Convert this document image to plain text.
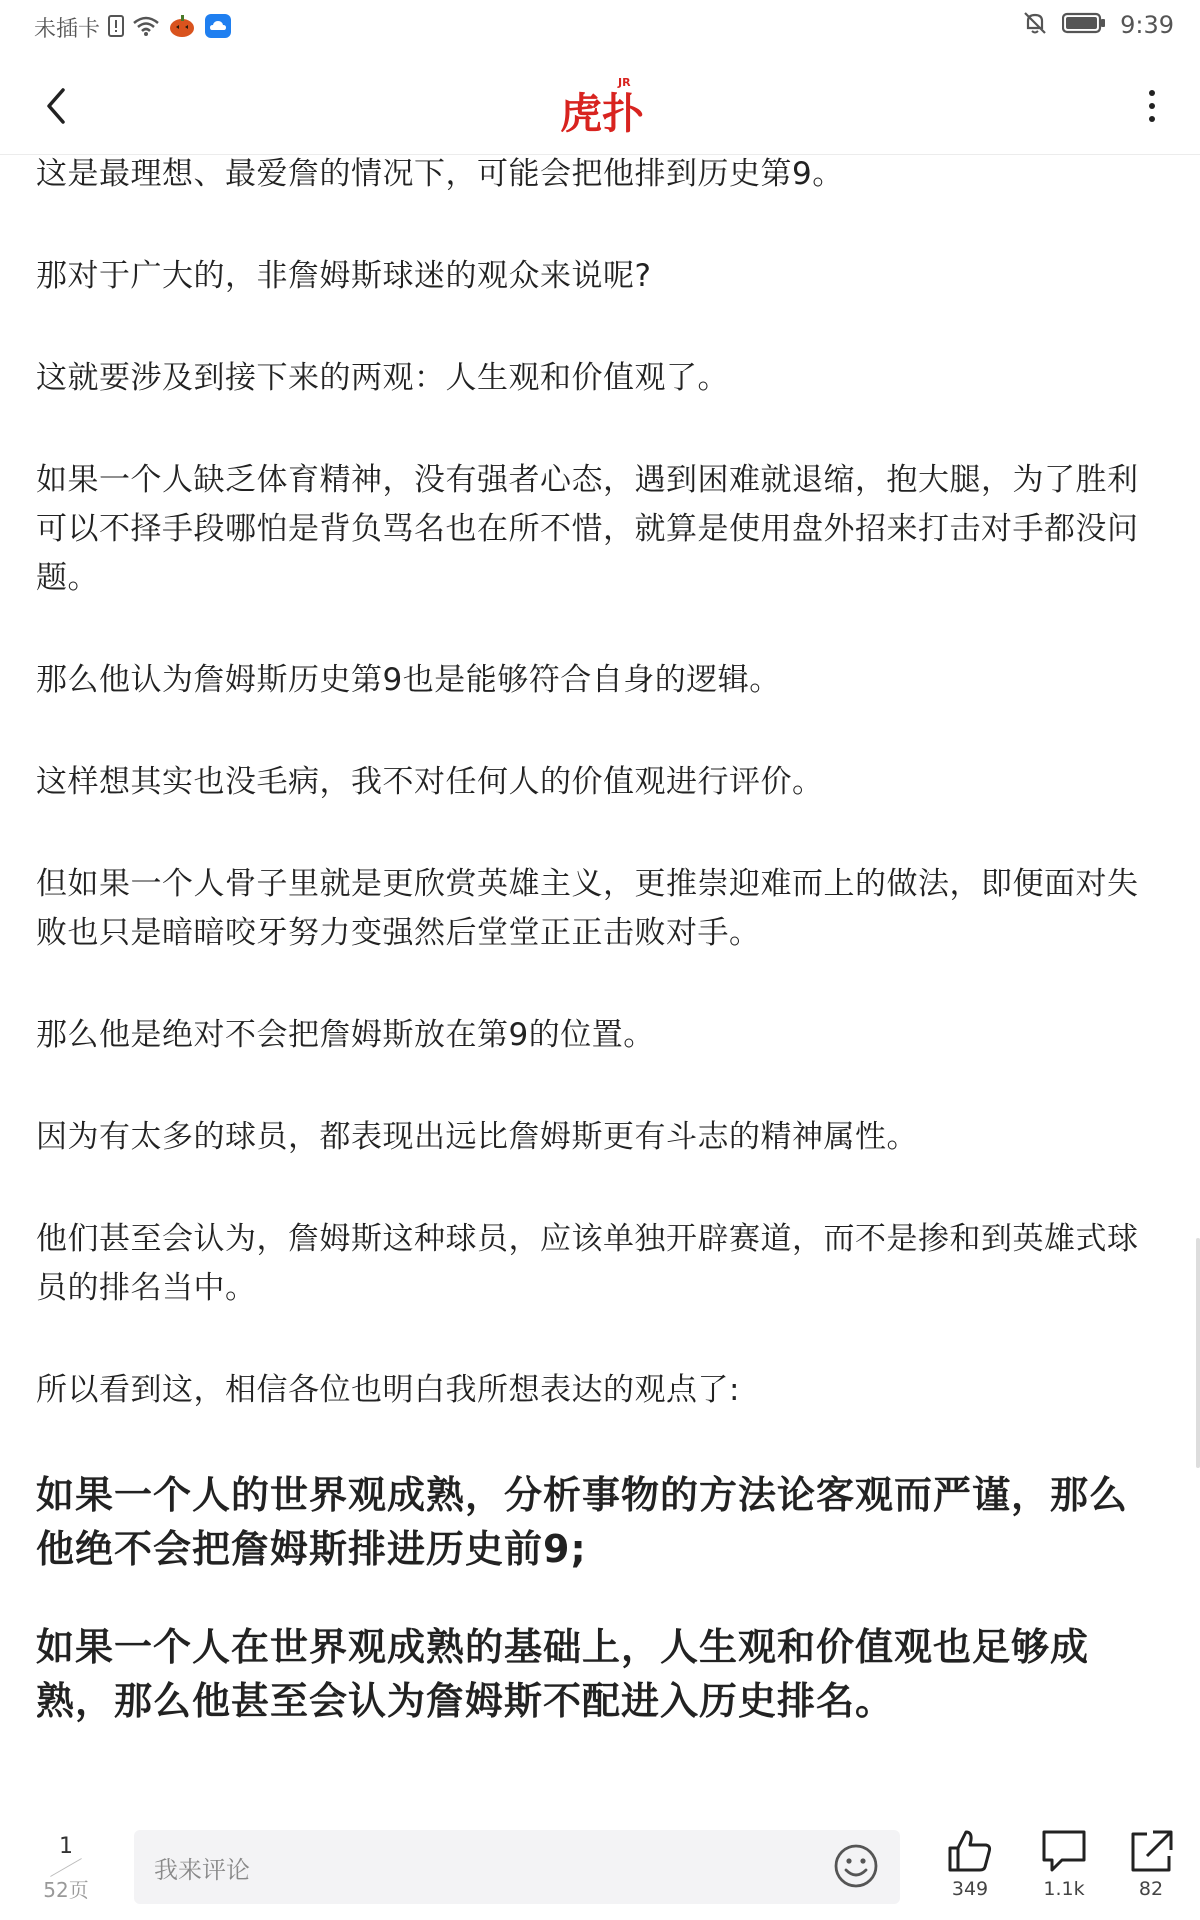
未插卡	9:39
JR
虎扑

这是最理想、最爱詹的情况下，可能会把他排到历史第9。

那对于广大的，非詹姆斯球迷的观众来说呢?

这就要涉及到接下来的两观：人生观和价值观了。

如果一个人缺乏体育精神，没有强者心态，遇到困难就退缩，抱大腿，为了胜利可以不择手段哪怕是背负骂名也在所不惜，就算是使用盘外招来打击对手都没问题。

那么他认为詹姆斯历史第9也是能够符合自身的逻辑。

这样想其实也没毛病，我不对任何人的价值观进行评价。

但如果一个人骨子里就是更欣赏英雄主义，更推崇迎难而上的做法，即便面对失败也只是暗暗咬牙努力变强然后堂堂正正击败对手。

那么他是绝对不会把詹姆斯放在第9的位置。

因为有太多的球员，都表现出远比詹姆斯更有斗志的精神属性。

他们甚至会认为，詹姆斯这种球员，应该单独开辟赛道，而不是掺和到英雄式球员的排名当中。

所以看到这，相信各位也明白我所想表达的观点了:

如果一个人的世界观成熟，分析事物的方法论客观而严谨，那么他绝不会把詹姆斯排进历史前9;

如果一个人在世界观成熟的基础上，人生观和价值观也足够成熟，那么他甚至会认为詹姆斯不配进入历史排名。

1
52页
我来评论
349	1.1k	82
